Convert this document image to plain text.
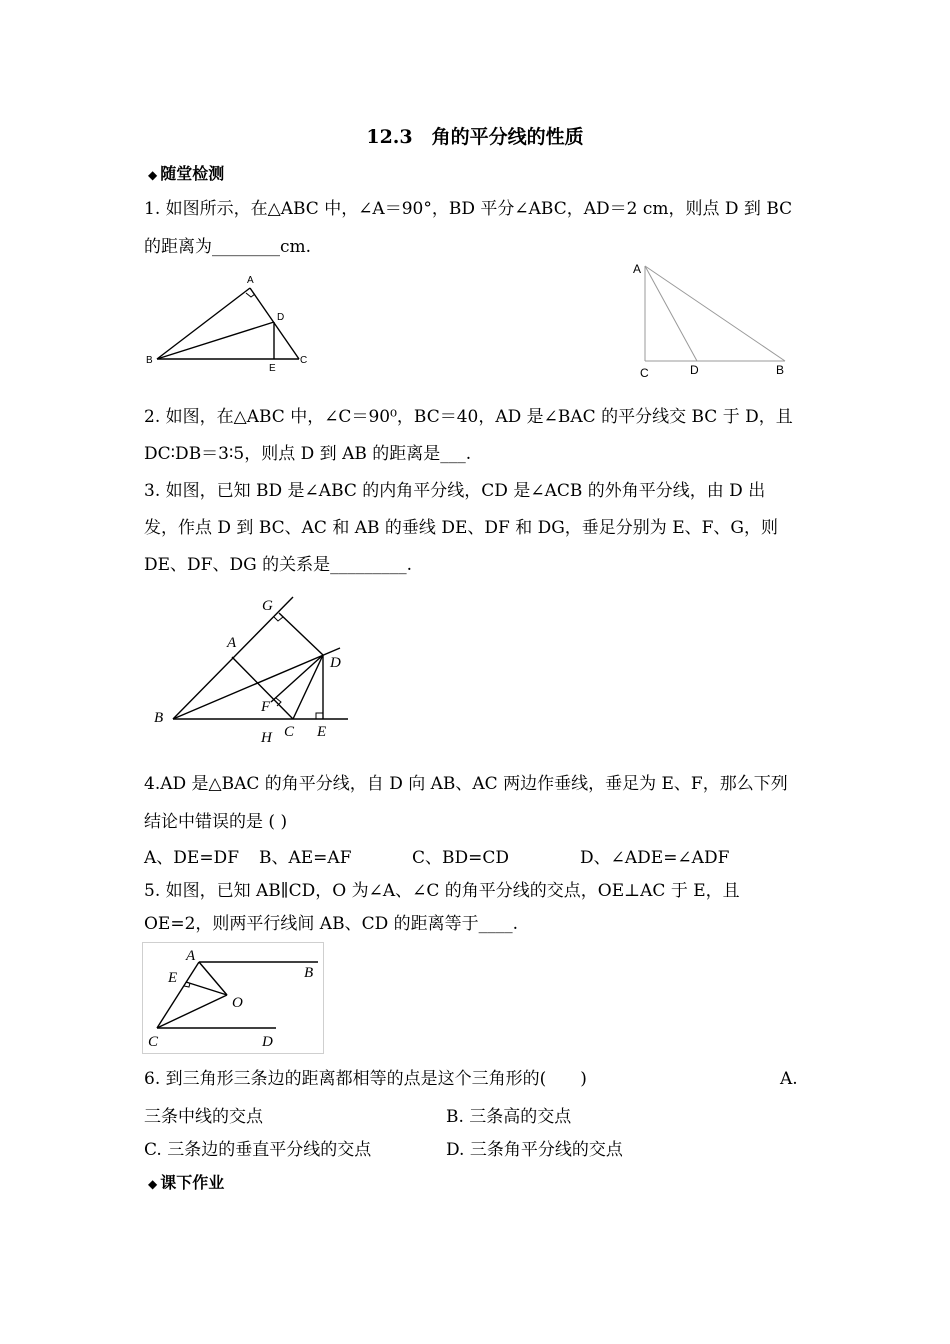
12.3　角的平分线的性质
◆ 随堂检测
1. 如图所示，在△ABC 中，∠A＝90°，BD 平分∠ABC，AD＝2 cm，则点 D 到 BC
的距离为________cm.
A
D
B	C
E
A
C	D	B
2. 如图，在△ABC 中，∠C＝90⁰，BC＝40，AD 是∠BAC 的平分线交 BC 于 D，且
DC∶DB＝3∶5，则点 D 到 AB 的距离是___.
3. 如图，已知 BD 是∠ABC 的内角平分线，CD 是∠ACB 的外角平分线，由 D 出
发，作点 D 到 BC、AC 和 AB 的垂线 DE、DF 和 DG，垂足分别为 E、F、G，则
DE、DF、DG 的关系是_________.
G
A
D
F
B
C E
H
4.AD 是△BAC 的角平分线，自 D 向 AB、AC 两边作垂线，垂足为 E、F，那么下列
结论中错误的是 ( )
A、DE=DF B、AE=AF	C、BD=CD	D、∠ADE=∠ADF
5. 如图，已知 AB∥CD，O 为∠A、∠C 的角平分线的交点，OE⊥AC 于 E，且
OE=2，则两平行线间 AB、CD 的距离等于____.
A
B
E
O
C	D
6. 到三角形三条边的距离都相等的点是这个三角形的(　　)	A.
三条中线的交点	B. 三条高的交点
C. 三条边的垂直平分线的交点	D. 三条角平分线的交点
◆ 课下作业
